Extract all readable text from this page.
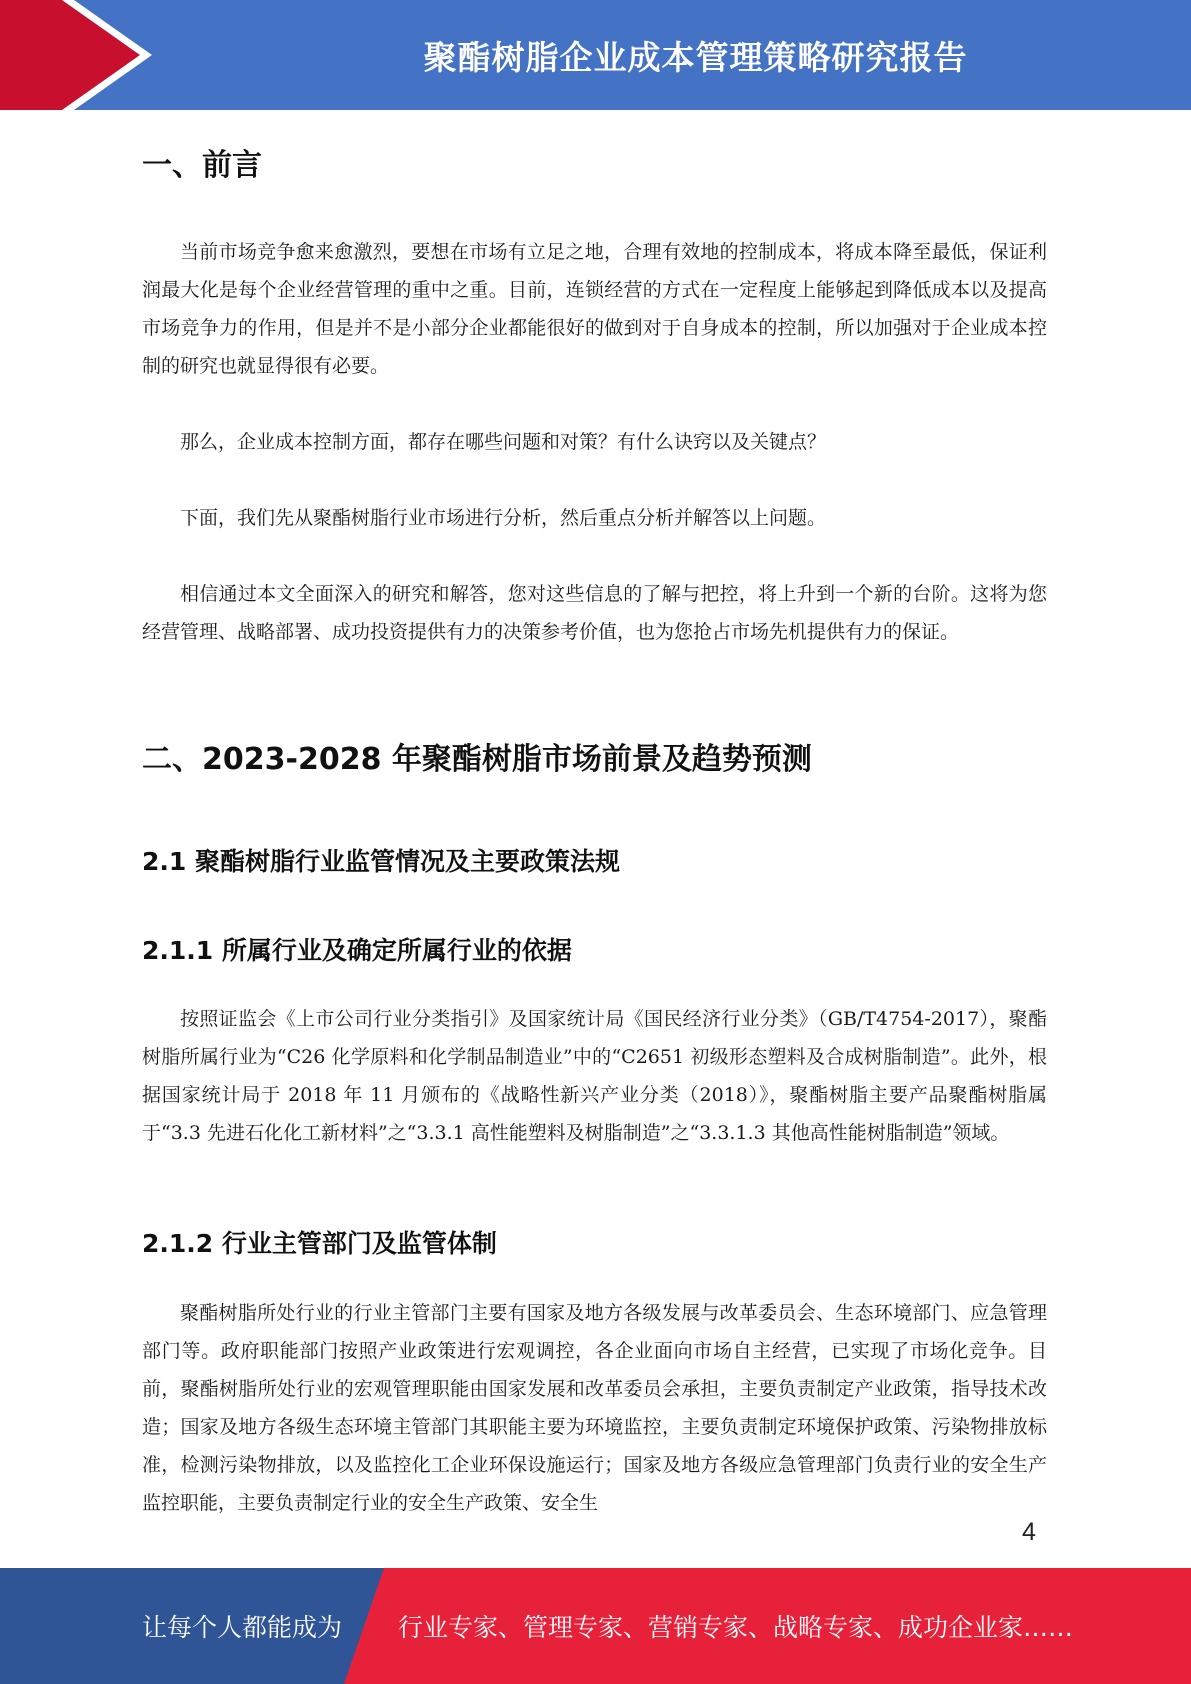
聚酯树脂企业成本管理策略研究报告
一、前言

当前市场竞争愈来愈激烈，要想在市场有立足之地，合理有效地的控制成本，将成本降至最低，保证利润最大化是每个企业经营管理的重中之重。目前，连锁经营的方式在一定程度上能够起到降低成本以及提高市场竞争力的作用，但是并不是小部分企业都能很好的做到对于自身成本的控制，所以加强对于企业成本控制的研究也就显得很有必要。

那么，企业成本控制方面，都存在哪些问题和对策？有什么诀窍以及关键点？

下面，我们先从聚酯树脂行业市场进行分析，然后重点分析并解答以上问题。

相信通过本文全面深入的研究和解答，您对这些信息的了解与把控，将上升到一个新的台阶。这将为您经营管理、战略部署、成功投资提供有力的决策参考价值，也为您抢占市场先机提供有力的保证。

二、2023-2028 年聚酯树脂市场前景及趋势预测
2.1 聚酯树脂行业监管情况及主要政策法规
2.1.1 所属行业及确定所属行业的依据

按照证监会《上市公司行业分类指引》及国家统计局《国民经济行业分类》（GB/T4754-2017），聚酯树脂所属行业为“C26 化学原料和化学制品制造业”中的“C2651 初级形态塑料及合成树脂制造”。此外，根据国家统计局于 2018 年 11 月颁布的《战略性新兴产业分类（2018）》，聚酯树脂主要产品聚酯树脂属于“3.3 先进石化化工新材料”之“3.3.1 高性能塑料及树脂制造”之“3.3.1.3 其他高性能树脂制造”领域。

2.1.2 行业主管部门及监管体制

聚酯树脂所处行业的行业主管部门主要有国家及地方各级发展与改革委员会、生态环境部门、应急管理部门等。政府职能部门按照产业政策进行宏观调控，各企业面向市场自主经营，已实现了市场化竞争。目前，聚酯树脂所处行业的宏观管理职能由国家发展和改革委员会承担，主要负责制定产业政策，指导技术改造；国家及地方各级生态环境主管部门其职能主要为环境监控，主要负责制定环境保护政策、污染物排放标准，检测污染物排放，以及监控化工企业环保设施运行；国家及地方各级应急管理部门负责行业的安全生产监控职能，主要负责制定行业的安全生产政策、安全生

4
让每个人都能成为 行业专家、管理专家、营销专家、战略专家、成功企业家……
